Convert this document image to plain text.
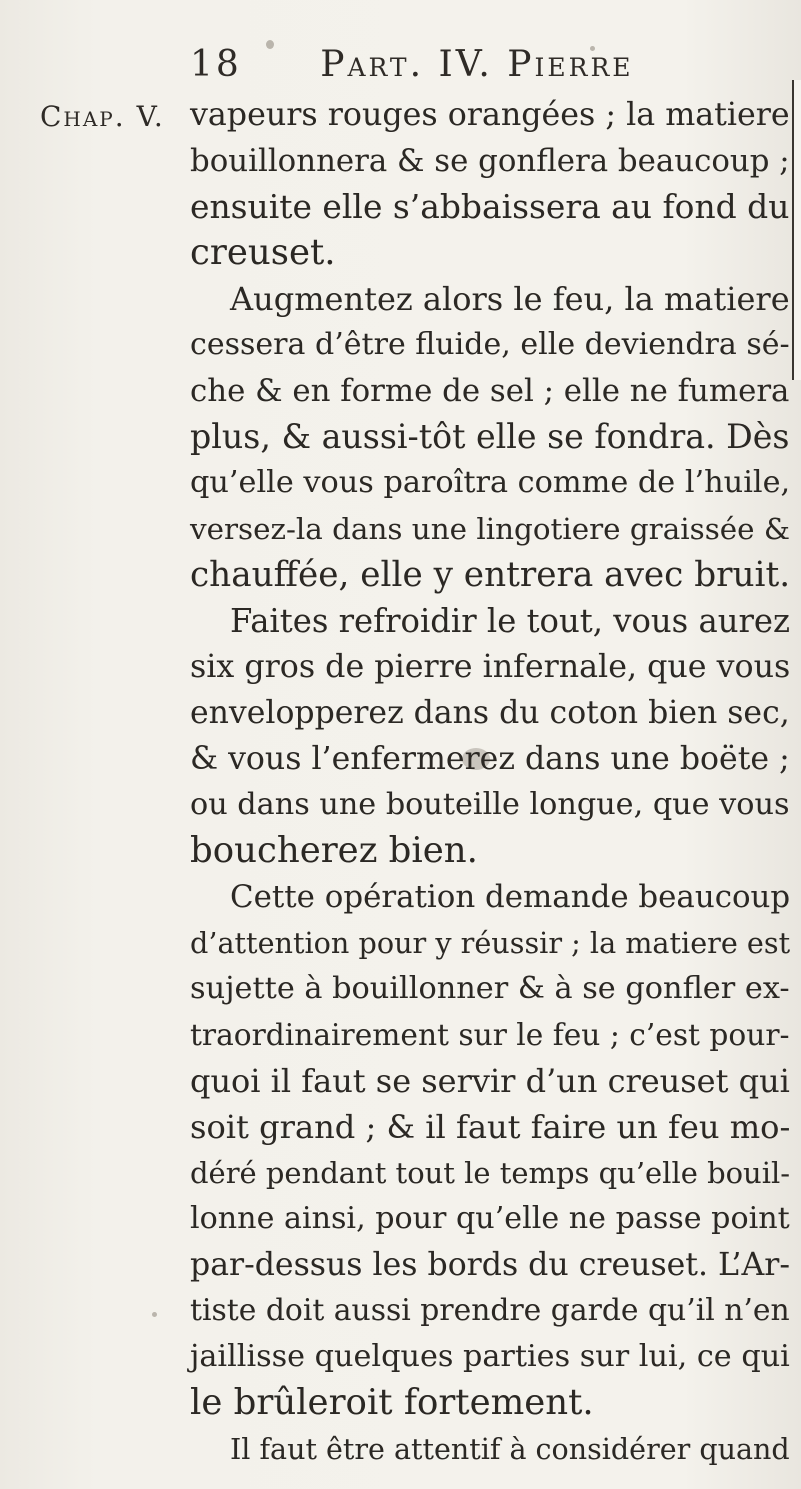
Chap. V.
18 Part. IV. Pierre
vapeurs rouges orangées ; la matiere
bouillonnera & se gonflera beaucoup ;
ensuite elle s’abbaissera au fond du
creuset.
Augmentez alors le feu, la matiere
cessera d’être fluide, elle deviendra sé-
che & en forme de sel ; elle ne fumera
plus, & aussi-tôt elle se fondra. Dès
qu’elle vous paroîtra comme de l’huile,
versez-la dans une lingotiere graissée &
chauffée, elle y entrera avec bruit.
Faites refroidir le tout, vous aurez
six gros de pierre infernale, que vous
envelopperez dans du coton bien sec,
& vous l’enfermerez dans une boëte ;
ou dans une bouteille longue, que vous
boucherez bien.
Cette opération demande beaucoup
d’attention pour y réussir ; la matiere est
sujette à bouillonner & à se gonfler ex-
traordinairement sur le feu ; c’est pour-
quoi il faut se servir d’un creuset qui
soit grand ; & il faut faire un feu mo-
déré pendant tout le temps qu’elle bouil-
lonne ainsi, pour qu’elle ne passe point
par-dessus les bords du creuset. L’Ar-
tiste doit aussi prendre garde qu’il n’en
jaillisse quelques parties sur lui, ce qui
le brûleroit fortement.
Il faut être attentif à considérer quand
